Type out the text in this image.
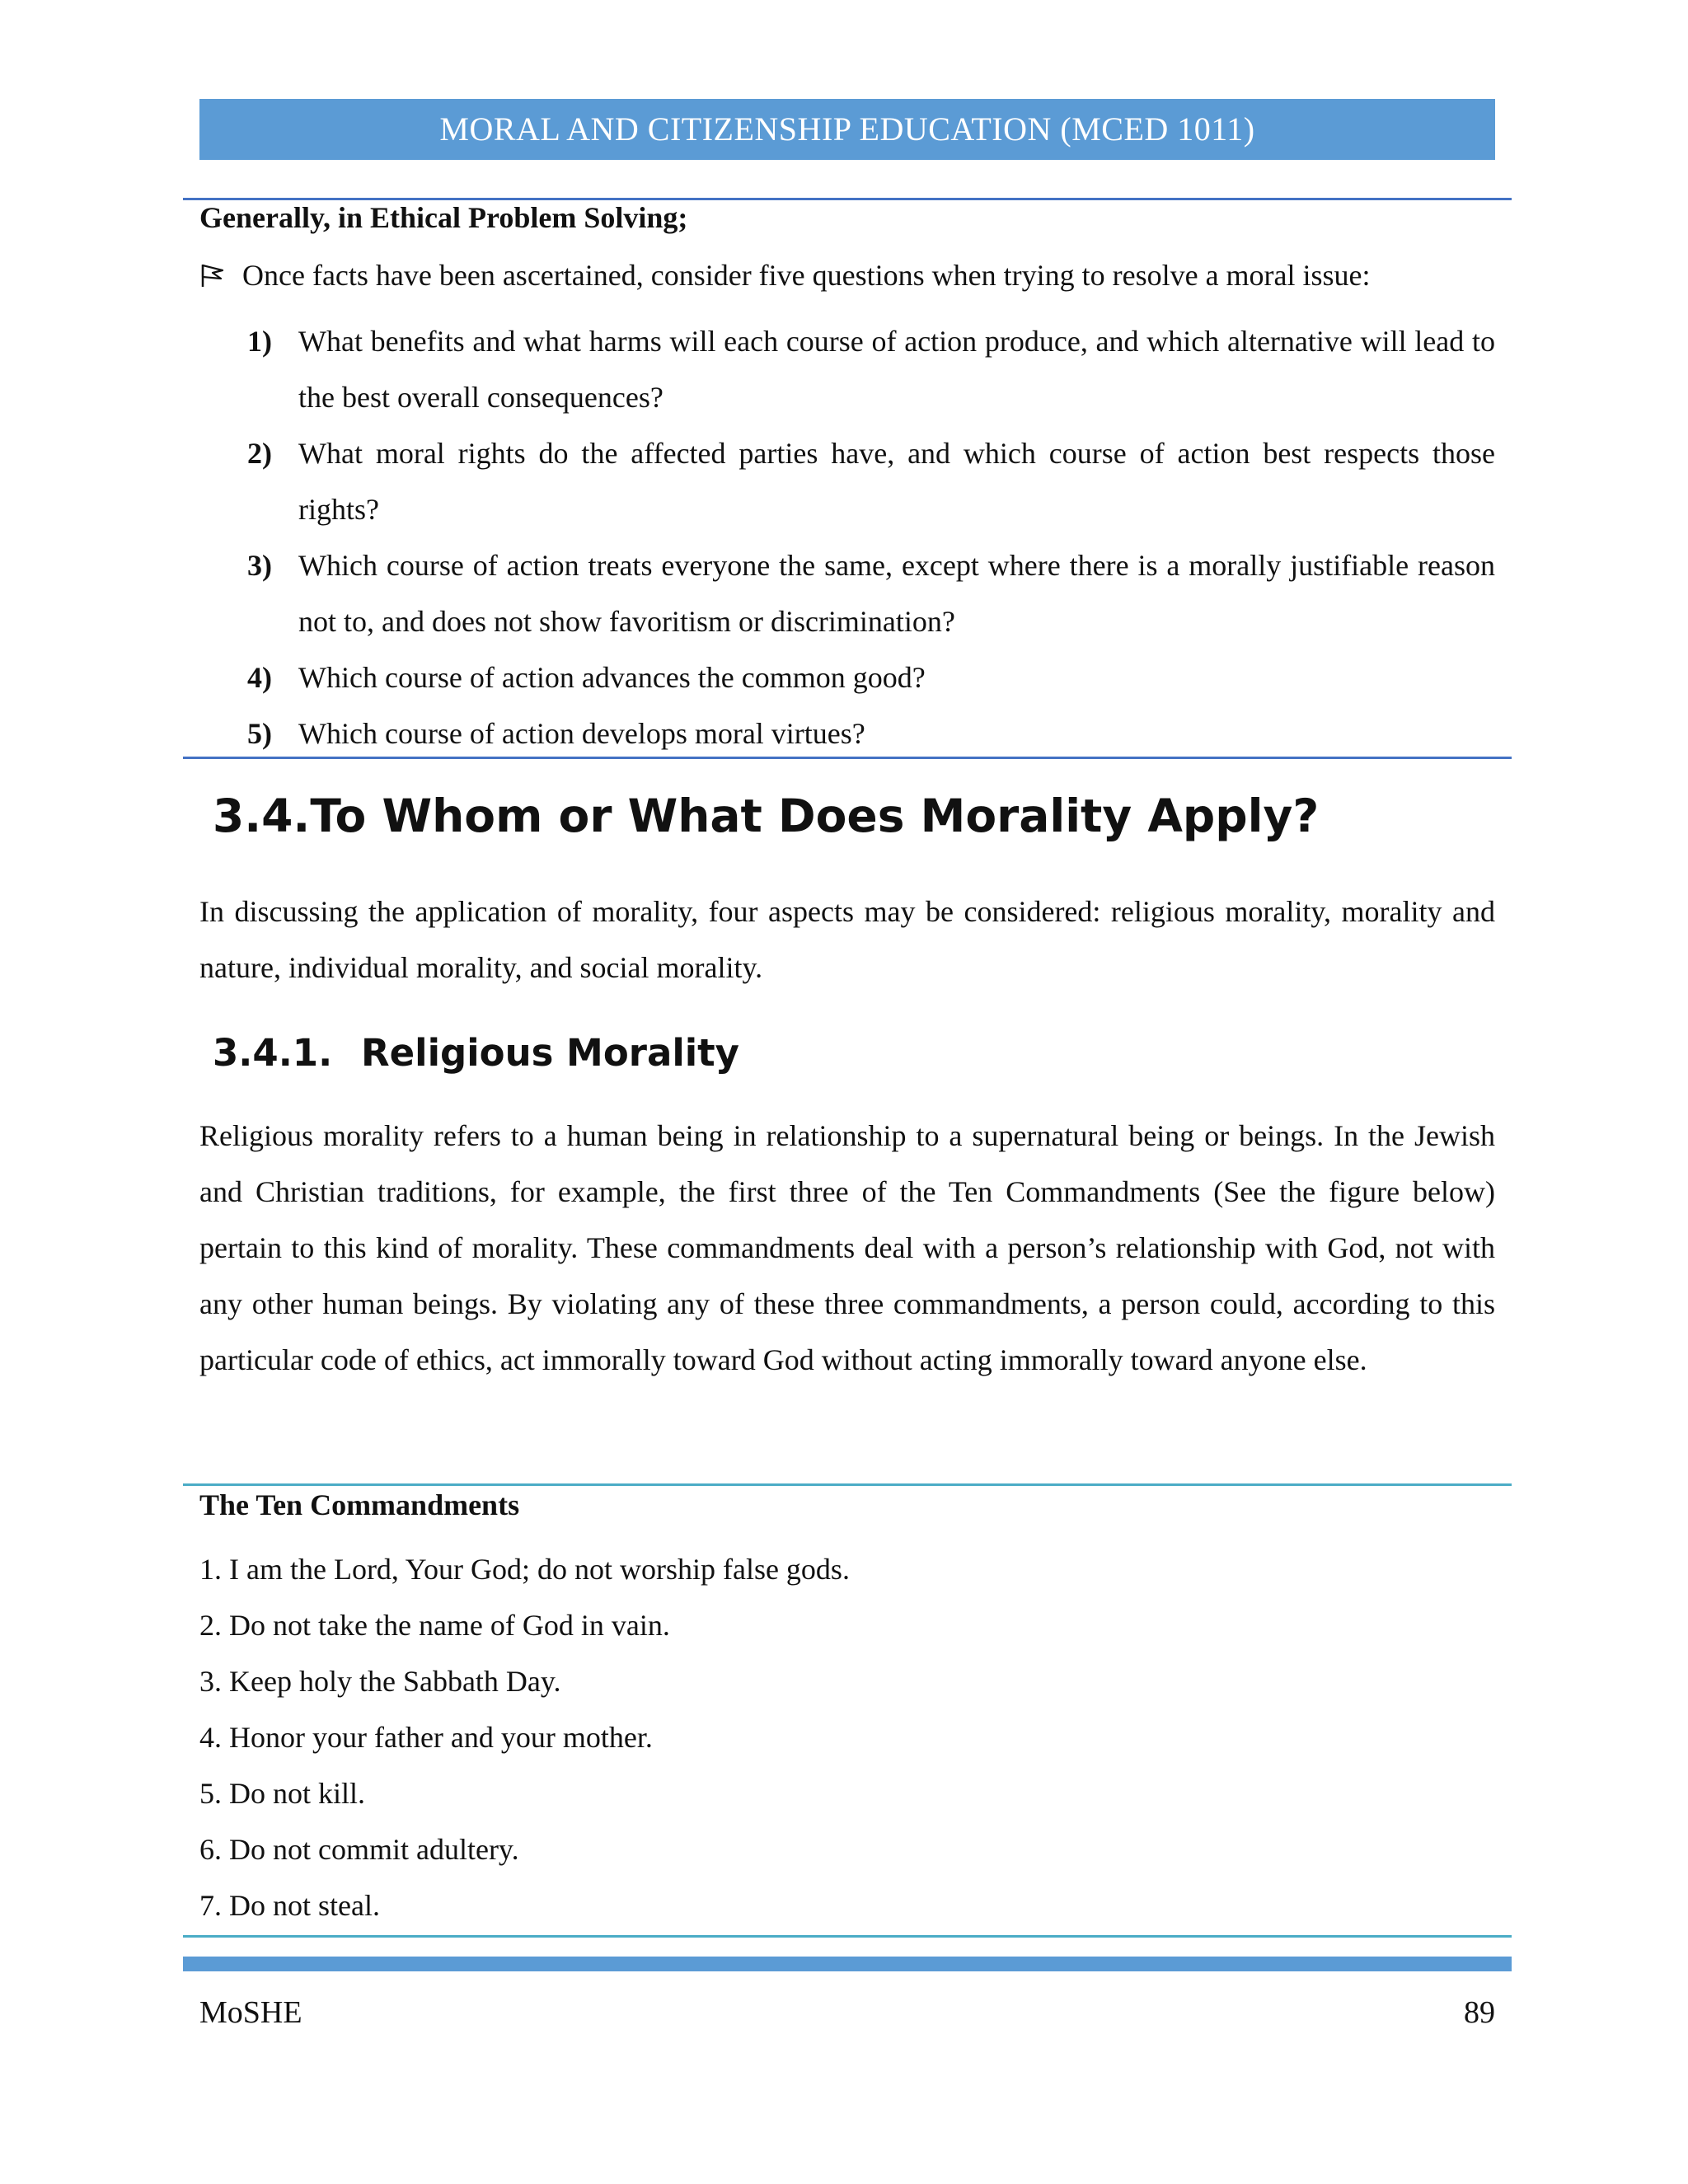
MORAL AND CITIZENSHIP EDUCATION (MCED 1011)
Generally, in Ethical Problem Solving;
Once facts have been ascertained, consider five questions when trying to resolve a moral issue:
1) What benefits and what harms will each course of action produce, and which alternative will lead to the best overall consequences?
2) What moral rights do the affected parties have, and which course of action best respects those rights?
3) Which course of action treats everyone the same, except where there is a morally justifiable reason not to, and does not show favoritism or discrimination?
4) Which course of action advances the common good?
5) Which course of action develops moral virtues?
3.4.To Whom or What Does Morality Apply?
In discussing the application of morality, four aspects may be considered: religious morality, morality and nature, individual morality, and social morality.
3.4.1. Religious Morality
Religious morality refers to a human being in relationship to a supernatural being or beings. In the Jewish and Christian traditions, for example, the first three of the Ten Commandments (See the figure below) pertain to this kind of morality. These commandments deal with a person’s relationship with God, not with any other human beings. By violating any of these three commandments, a person could, according to this particular code of ethics, act immorally toward God without acting immorally toward anyone else.
The Ten Commandments
1. I am the Lord, Your God; do not worship false gods.
2. Do not take the name of God in vain.
3. Keep holy the Sabbath Day.
4. Honor your father and your mother.
5. Do not kill.
6. Do not commit adultery.
7. Do not steal.
MoSHE	89
